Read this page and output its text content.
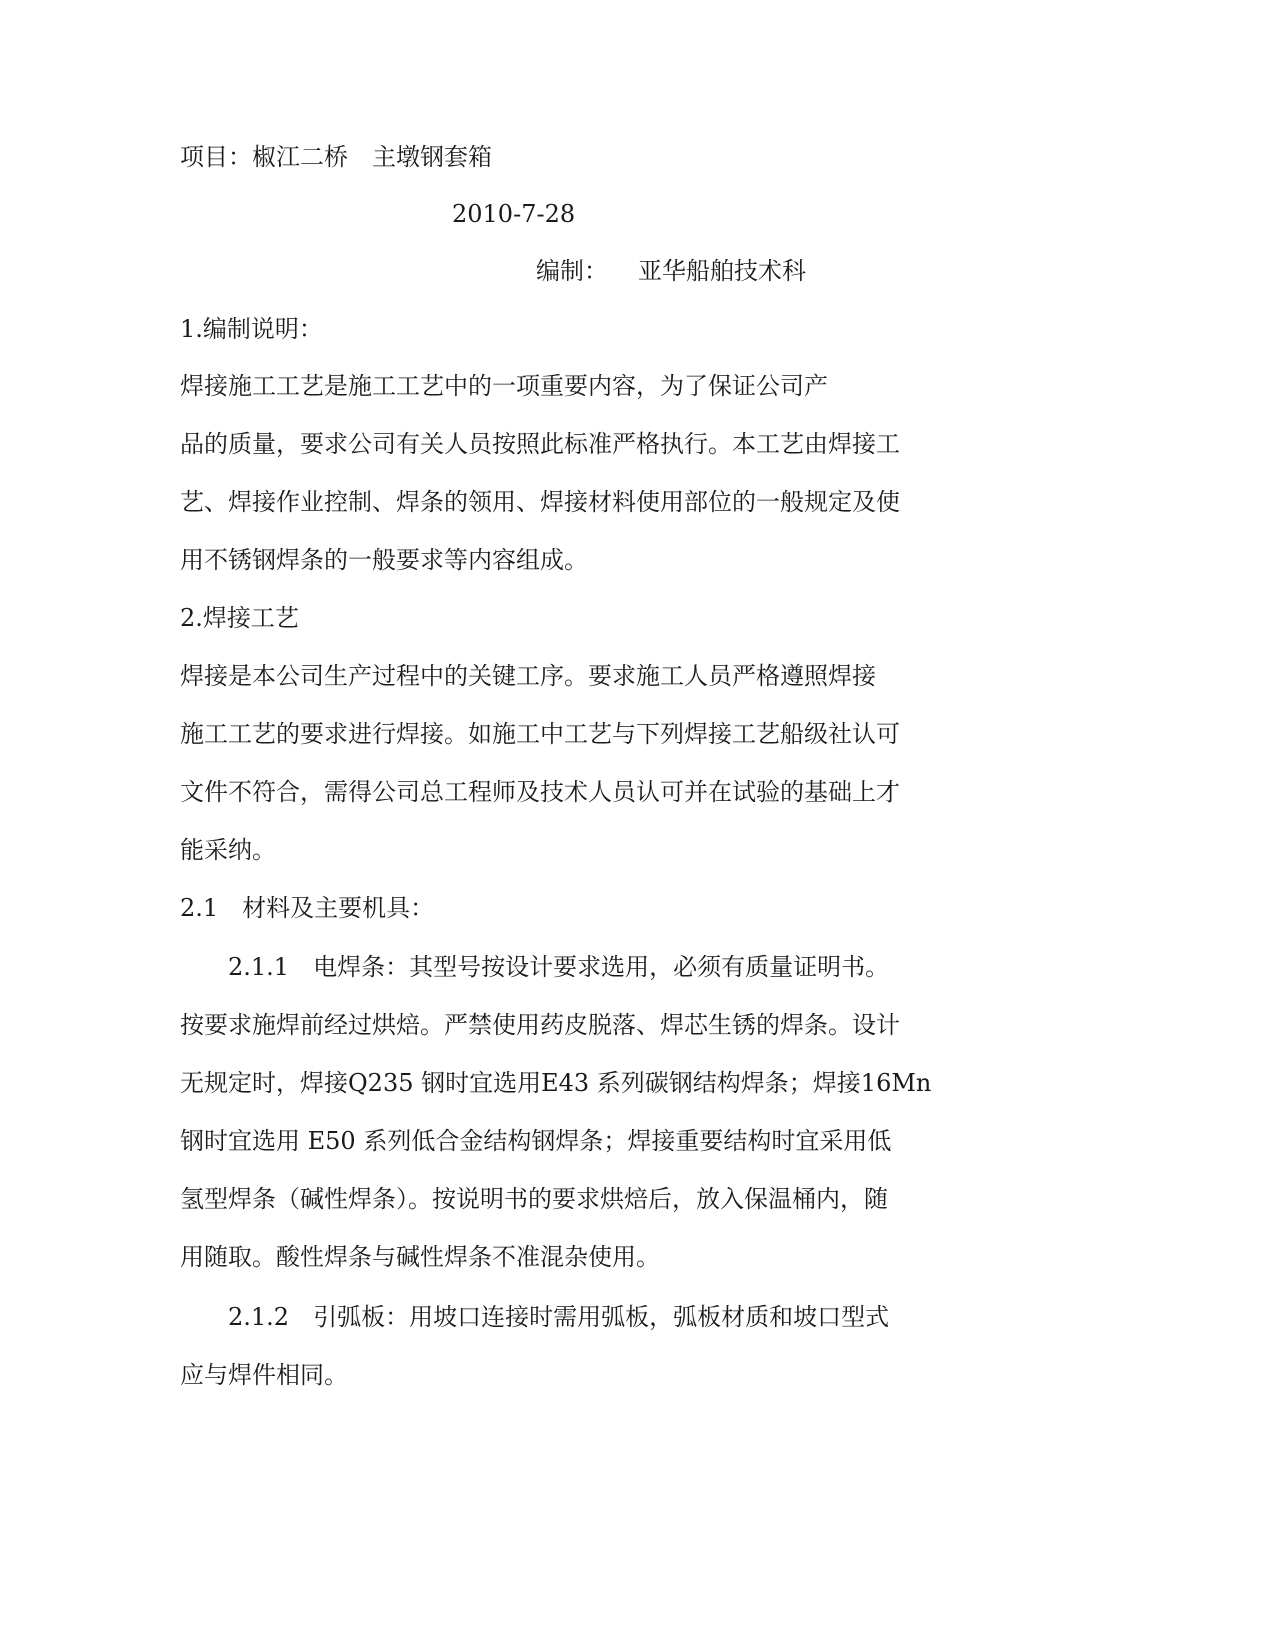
项目：椒江二桥　主墩钢套箱
2010-7-28
编制： 亚华船舶技术科
1.编制说明：
焊接施工工艺是施工工艺中的一项重要内容，为了保证公司产
品的质量，要求公司有关人员按照此标准严格执行。本工艺由焊接工
艺、焊接作业控制、焊条的领用、焊接材料使用部位的一般规定及使
用不锈钢焊条的一般要求等内容组成。
2.焊接工艺
焊接是本公司生产过程中的关键工序。要求施工人员严格遵照焊接
施工工艺的要求进行焊接。如施工中工艺与下列焊接工艺船级社认可
文件不符合，需得公司总工程师及技术人员认可并在试验的基础上才
能采纳。
2.1　材料及主要机具：
2.1.1　电焊条：其型号按设计要求选用，必须有质量证明书。
按要求施焊前经过烘焙。严禁使用药皮脱落、焊芯生锈的焊条。设计
无规定时，焊接Q235 钢时宜选用E43 系列碳钢结构焊条；焊接16Mn
钢时宜选用 E50 系列低合金结构钢焊条；焊接重要结构时宜采用低
氢型焊条（碱性焊条）。按说明书的要求烘焙后，放入保温桶内，随
用随取。酸性焊条与碱性焊条不准混杂使用。
2.1.2　引弧板：用坡口连接时需用弧板，弧板材质和坡口型式
应与焊件相同。
